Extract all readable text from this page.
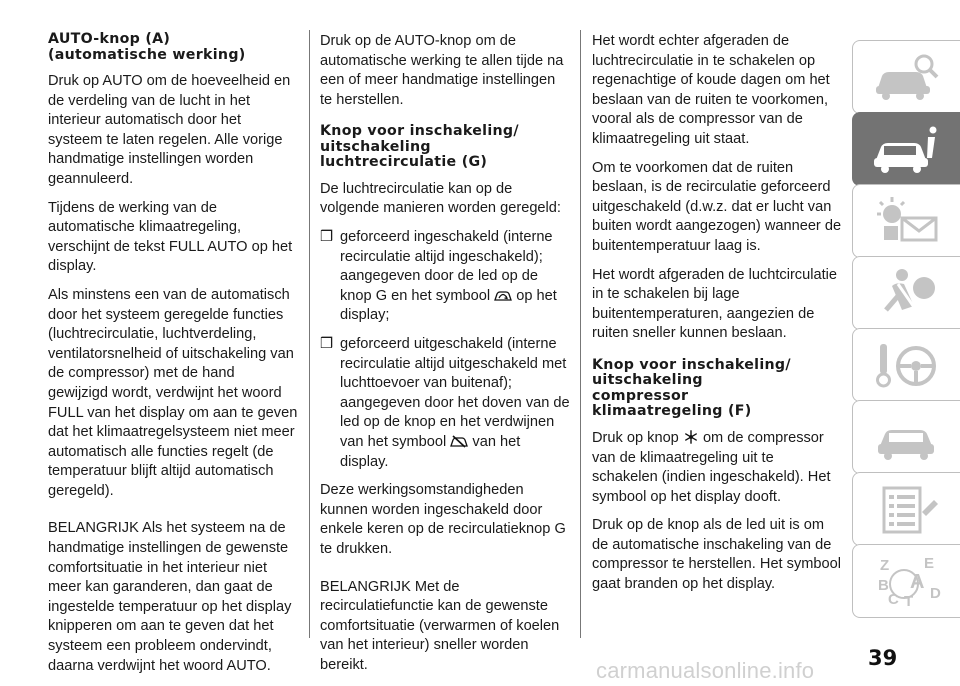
AUTO-knop (A)
(automatische werking)

Druk op AUTO om de hoeveelheid en de verdeling van de lucht in het interieur automatisch door het systeem te laten regelen. Alle vorige handmatige instellingen worden geannuleerd.

Tijdens de werking van de automatische klimaatregeling, verschijnt de tekst FULL AUTO op het display.

Als minstens een van de automatisch door het systeem geregelde functies (luchtrecirculatie, luchtverdeling, ventilatorsnelheid of uitschakeling van de compressor) met de hand gewijzigd wordt, verdwijnt het woord FULL van het display om aan te geven dat het klimaatregelsysteem niet meer automatisch alle functies regelt (de temperatuur blijft altijd automatisch geregeld).

BELANGRIJK Als het systeem na de handmatige instellingen de gewenste comfortsituatie in het interieur niet meer kan garanderen, dan gaat de ingestelde temperatuur op het display knipperen om aan te geven dat het systeem een probleem ondervindt, daarna verdwijnt het woord AUTO.

Druk op de AUTO-knop om de automatische werking te allen tijde na een of meer handmatige instellingen te herstellen.

Knop voor inschakeling/
uitschakeling
luchtrecirculatie (G)

De luchtrecirculatie kan op de volgende manieren worden geregeld:

❒ geforceerd ingeschakeld (interne recirculatie altijd ingeschakeld); aangegeven door de led op de knop G en het symbool op het display;
❒ geforceerd uitgeschakeld (interne recirculatie altijd uitgeschakeld met luchttoevoer van buitenaf); aangegeven door het doven van de led op de knop en het verdwijnen van het symbool van het display.

Deze werkingsomstandigheden kunnen worden ingeschakeld door enkele keren op de recirculatieknop G te drukken.

BELANGRIJK Met de recirculatiefunctie kan de gewenste comfortsituatie (verwarmen of koelen van het interieur) sneller worden bereikt.

Het wordt echter afgeraden de luchtrecirculatie in te schakelen op regenachtige of koude dagen om het beslaan van de ruiten te voorkomen, vooral als de compressor van de klimaatregeling uit staat.

Om te voorkomen dat de ruiten beslaan, is de recirculatie geforceerd uitgeschakeld (d.w.z. dat er lucht van buiten wordt aangezogen) wanneer de buitentemperatuur laag is.

Het wordt afgeraden de luchtcirculatie in te schakelen bij lage buitentemperaturen, aangezien de ruiten sneller kunnen beslaan.

Knop voor inschakeling/
uitschakeling
compressor
klimaatregeling (F)

Druk op knop om de compressor van de klimaatregeling uit te schakelen (indien ingeschakeld). Het symbool op het display dooft.

Druk op de knop als de led uit is om de automatische inschakeling van de compressor te herstellen. Het symbool gaat branden op het display.

Z E
B A
C T D
39
carmanualsonline.info
